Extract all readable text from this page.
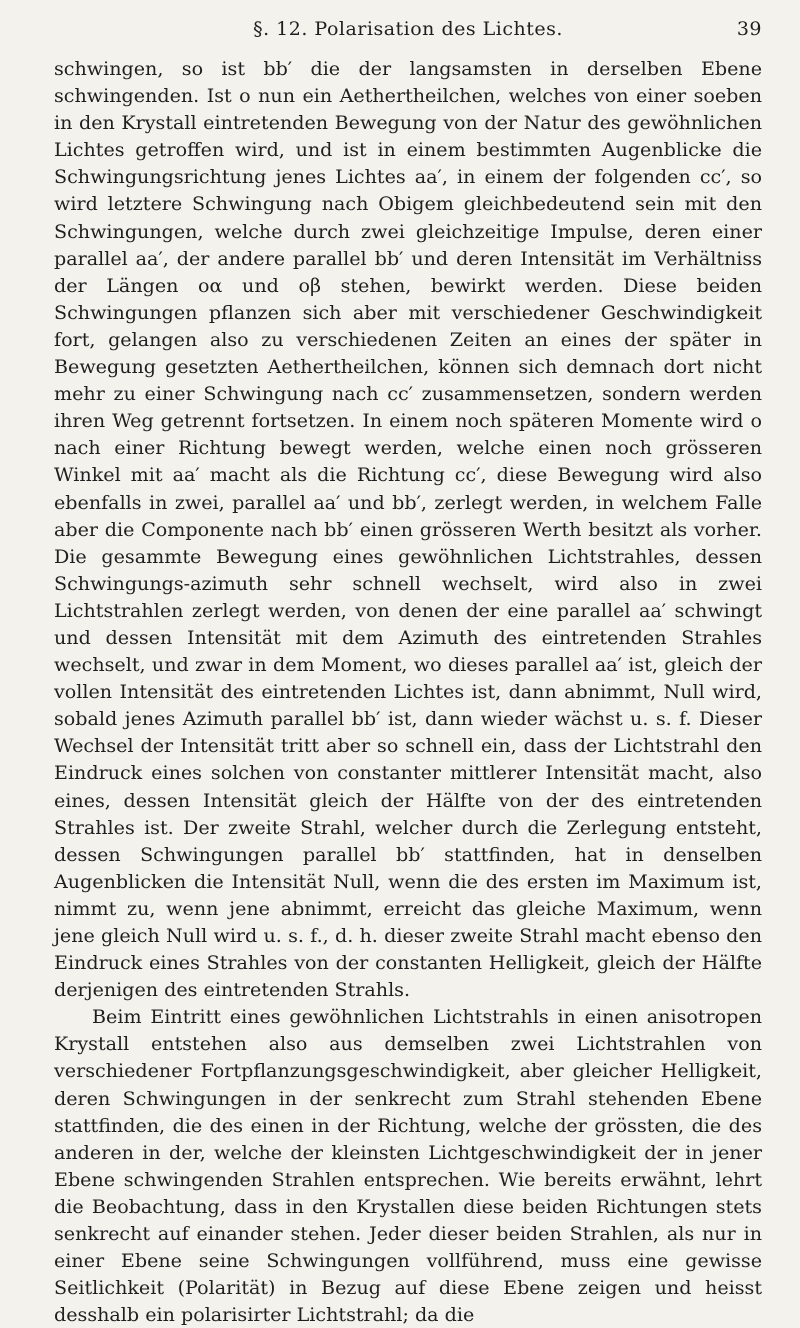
§. 12. Polarisation des Lichtes.	39

schwingen, so ist bb′ die der langsamsten in derselben Ebene schwingenden. Ist o nun ein Aethertheilchen, welches von einer soeben in den Krystall eintretenden Bewegung von der Natur des gewöhnlichen Lichtes getroffen wird, und ist in einem bestimmten Augenblicke die Schwingungsrichtung jenes Lichtes aa′, in einem der folgenden cc′, so wird letztere Schwingung nach Obigem gleichbedeutend sein mit den Schwingungen, welche durch zwei gleichzeitige Impulse, deren einer parallel aa′, der andere parallel bb′ und deren Intensität im Verhältniss der Längen oα und oβ stehen, bewirkt werden. Diese beiden Schwingungen pflanzen sich aber mit verschiedener Geschwindigkeit fort, gelangen also zu verschiedenen Zeiten an eines der später in Bewegung gesetzten Aethertheilchen, können sich demnach dort nicht mehr zu einer Schwingung nach cc′ zusammensetzen, sondern werden ihren Weg getrennt fortsetzen. In einem noch späteren Momente wird o nach einer Richtung bewegt werden, welche einen noch grösseren Winkel mit aa′ macht als die Richtung cc′, diese Bewegung wird also ebenfalls in zwei, parallel aa′ und bb′, zerlegt werden, in welchem Falle aber die Componente nach bb′ einen grösseren Werth besitzt als vorher. Die gesammte Bewegung eines gewöhnlichen Lichtstrahles, dessen Schwingungs-azimuth sehr schnell wechselt, wird also in zwei Lichtstrahlen zerlegt werden, von denen der eine parallel aa′ schwingt und dessen Intensität mit dem Azimuth des eintretenden Strahles wechselt, und zwar in dem Moment, wo dieses parallel aa′ ist, gleich der vollen Intensität des eintretenden Lichtes ist, dann abnimmt, Null wird, sobald jenes Azimuth parallel bb′ ist, dann wieder wächst u. s. f. Dieser Wechsel der Intensität tritt aber so schnell ein, dass der Lichtstrahl den Eindruck eines solchen von constanter mittlerer Intensität macht, also eines, dessen Intensität gleich der Hälfte von der des eintretenden Strahles ist. Der zweite Strahl, welcher durch die Zerlegung entsteht, dessen Schwingungen parallel bb′ stattfinden, hat in denselben Augenblicken die Intensität Null, wenn die des ersten im Maximum ist, nimmt zu, wenn jene abnimmt, erreicht das gleiche Maximum, wenn jene gleich Null wird u. s. f., d. h. dieser zweite Strahl macht ebenso den Eindruck eines Strahles von der constanten Helligkeit, gleich der Hälfte derjenigen des eintretenden Strahls.

Beim Eintritt eines gewöhnlichen Lichtstrahls in einen anisotropen Krystall entstehen also aus demselben zwei Lichtstrahlen von verschiedener Fortpflanzungsgeschwindigkeit, aber gleicher Helligkeit, deren Schwingungen in der senkrecht zum Strahl stehenden Ebene stattfinden, die des einen in der Richtung, welche der grössten, die des anderen in der, welche der kleinsten Lichtgeschwindigkeit der in jener Ebene schwingenden Strahlen entsprechen. Wie bereits erwähnt, lehrt die Beobachtung, dass in den Krystallen diese beiden Richtungen stets senkrecht auf einander stehen. Jeder dieser beiden Strahlen, als nur in einer Ebene seine Schwingungen vollführend, muss eine gewisse Seitlichkeit (Polarität) in Bezug auf diese Ebene zeigen und heisst desshalb ein polarisirter Lichtstrahl; da die
